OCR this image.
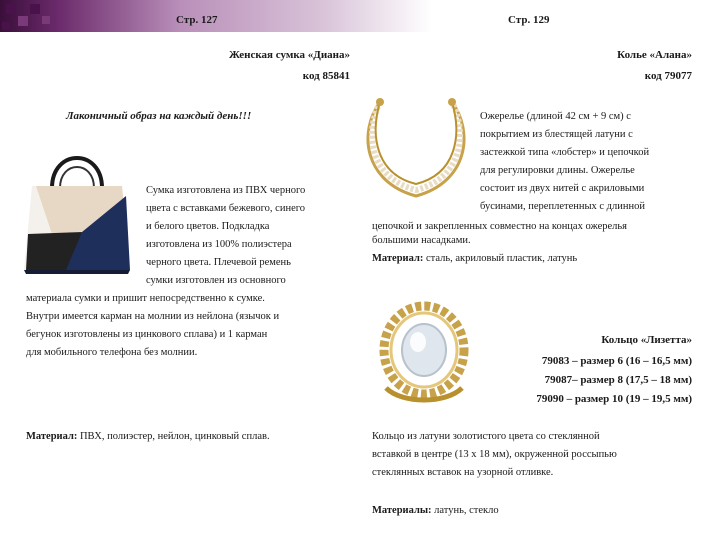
Стр. 127	Стр. 129
Женская сумка «Диана»
код 85841
Лаконичный образ на каждый день!!!
Сумка изготовлена из ПВХ черного
цвета с вставками бежевого, синего
и белого цветов. Подкладка
изготовлена из 100% полиэстера
черного цвета. Плечевой ремень
сумки изготовлен из основного
материала сумки и пришит непосредственно к сумке.
Внутри имеется карман на молнии из нейлона (язычок и
бегунок изготовлены из цинкового сплава) и 1 карман
для мобильного телефона без молнии.
Материал: ПВХ, полиэстер, нейлон, цинковый сплав.
Колье «Алана»
код 79077
Ожерелье (длиной 42 см + 9 см) с
покрытием из блестящей латуни с
застежкой типа «лобстер» и цепочкой
для регулировки длины. Ожерелье
состоит из двух нитей с акриловыми
бусинами, переплетенных с длинной
цепочкой и закрепленных совместно на концах ожерелья
большими насадками.
Материал: сталь, акриловый пластик, латунь
Кольцо «Лизетта»
79083 – размер 6 (16 – 16,5 мм)
79087– размер 8 (17,5 – 18 мм)
79090 – размер 10 (19 – 19,5 мм)
Кольцо из латуни золотистого цвета со стеклянной
вставкой в центре (13 х 18 мм), окруженной россыпью
стеклянных вставок на узорной отливке.
Материалы: латунь, стекло
